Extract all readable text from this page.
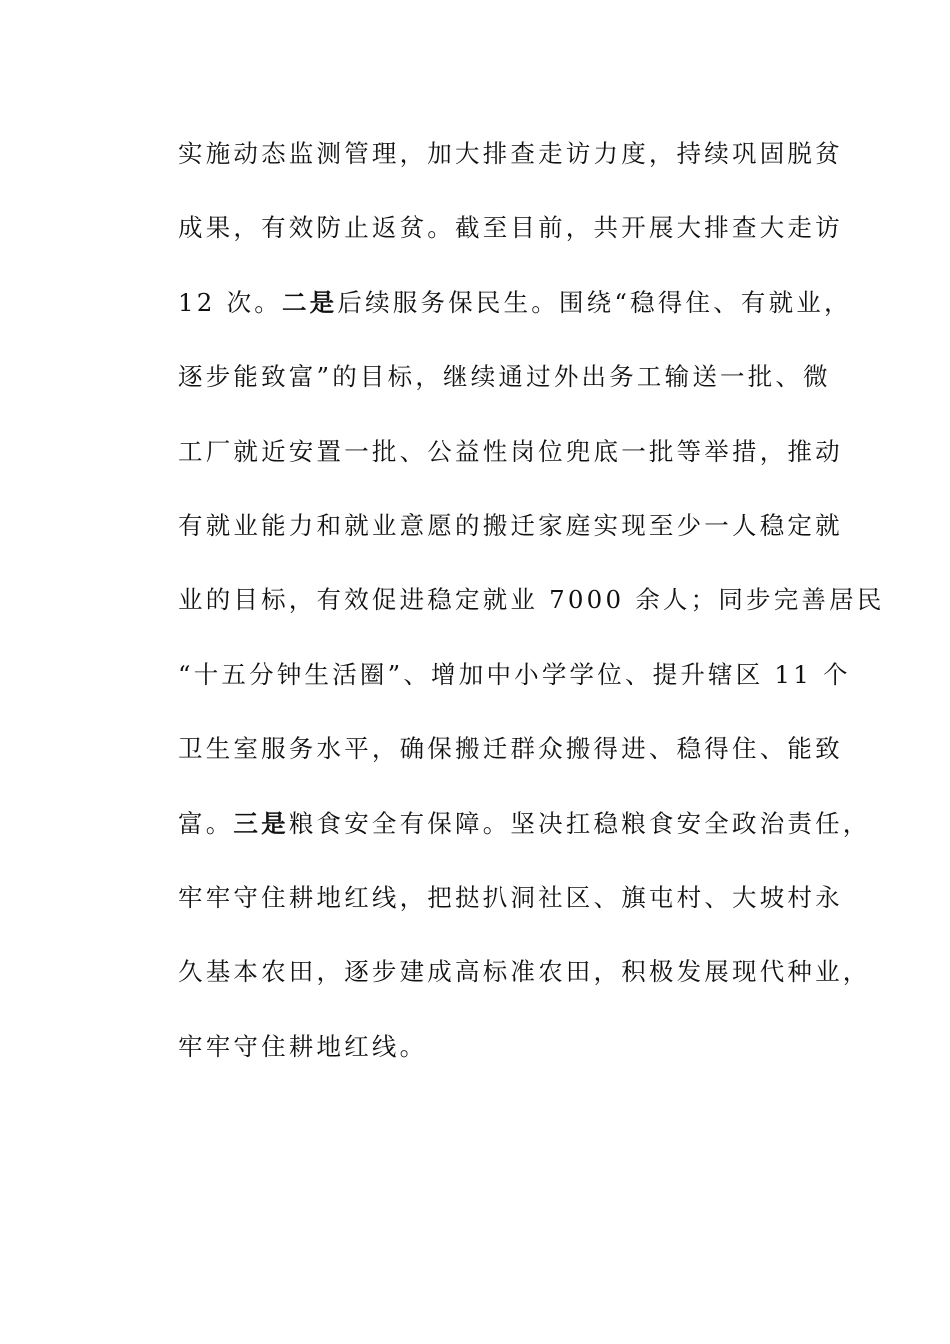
实施动态监测管理，加大排查走访力度，持续巩固脱贫
成果，有效防止返贫。截至目前，共开展大排查大走访
12 次。二是后续服务保民生。围绕“稳得住、有就业，
逐步能致富”的目标，继续通过外出务工输送一批、微
工厂就近安置一批、公益性岗位兜底一批等举措，推动
有就业能力和就业意愿的搬迁家庭实现至少一人稳定就
业的目标，有效促进稳定就业 7000 余人；同步完善居民
“十五分钟生活圈”、增加中小学学位、提升辖区 11 个
卫生室服务水平，确保搬迁群众搬得进、稳得住、能致
富。三是粮食安全有保障。坚决扛稳粮食安全政治责任，
牢牢守住耕地红线，把挞扒洞社区、旗屯村、大坡村永
久基本农田，逐步建成高标准农田，积极发展现代种业，
牢牢守住耕地红线。
